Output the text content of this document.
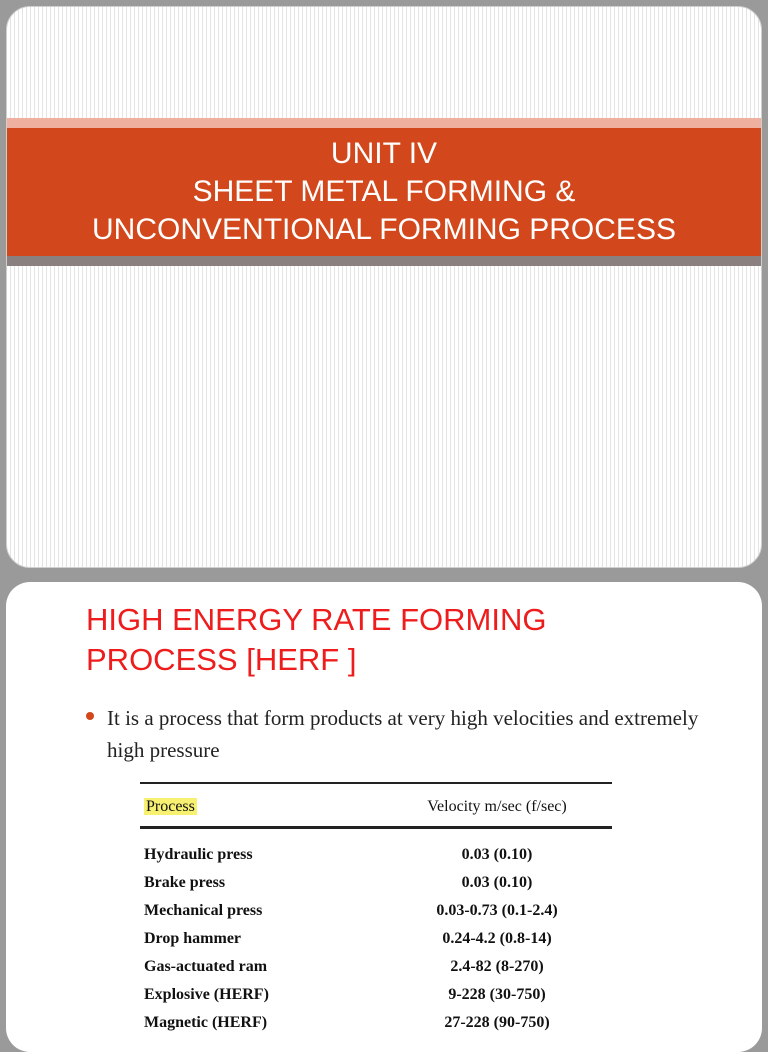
UNIT IV
SHEET METAL FORMING &
UNCONVENTIONAL FORMING PROCESS
HIGH ENERGY RATE FORMING
PROCESS [HERF ]
It is a process that form products at very high velocities and extremely high pressure
Process	Velocity m/sec (f/sec)
Hydraulic press	0.03 (0.10)
Brake press	0.03 (0.10)
Mechanical press	0.03-0.73 (0.1-2.4)
Drop hammer	0.24-4.2 (0.8-14)
Gas-actuated ram	2.4-82 (8-270)
Explosive (HERF)	9-228 (30-750)
Magnetic (HERF)	27-228 (90-750)
